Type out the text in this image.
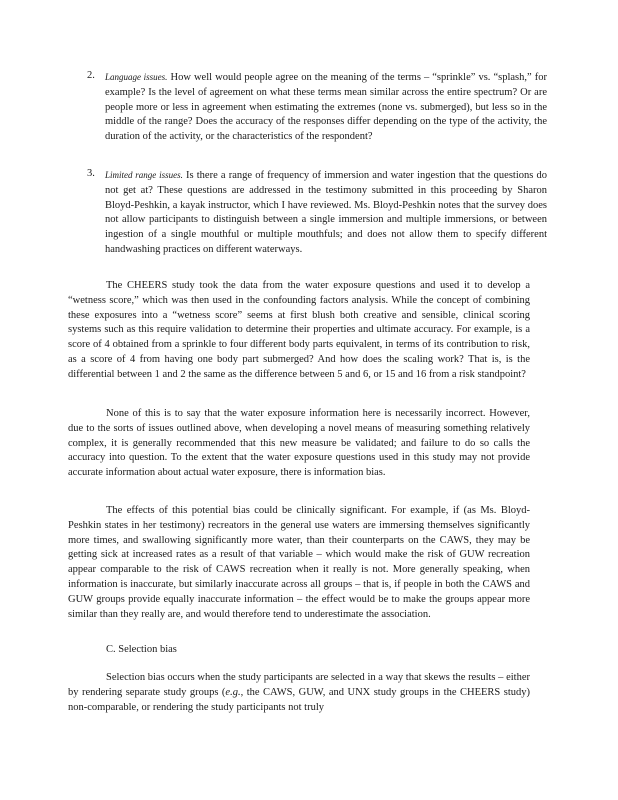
2. Language issues. How well would people agree on the meaning of the terms – “sprinkle” vs. “splash,” for example? Is the level of agreement on what these terms mean similar across the entire spectrum? Or are people more or less in agreement when estimating the extremes (none vs. submerged), but less so in the middle of the range? Does the accuracy of the responses differ depending on the type of the activity, the duration of the activity, or the characteristics of the respondent?
3. Limited range issues. Is there a range of frequency of immersion and water ingestion that the questions do not get at? These questions are addressed in the testimony submitted in this proceeding by Sharon Bloyd-Peshkin, a kayak instructor, which I have reviewed. Ms. Bloyd-Peshkin notes that the survey does not allow participants to distinguish between a single immersion and multiple immersions, or between ingestion of a single mouthful or multiple mouthfuls; and does not allow them to specify different handwashing practices on different waterways.

The CHEERS study took the data from the water exposure questions and used it to develop a “wetness score,” which was then used in the confounding factors analysis. While the concept of combining these exposures into a “wetness score” seems at first blush both creative and sensible, clinical scoring systems such as this require validation to determine their properties and ultimate accuracy. For example, is a score of 4 obtained from a sprinkle to four different body parts equivalent, in terms of its contribution to risk, as a score of 4 from having one body part submerged? And how does the scaling work? That is, is the differential between 1 and 2 the same as the difference between 5 and 6, or 15 and 16 from a risk standpoint?

None of this is to say that the water exposure information here is necessarily incorrect. However, due to the sorts of issues outlined above, when developing a novel means of measuring something relatively complex, it is generally recommended that this new measure be validated; and failure to do so calls the accuracy into question. To the extent that the water exposure questions used in this study may not provide accurate information about actual water exposure, there is information bias.

The effects of this potential bias could be clinically significant. For example, if (as Ms. Bloyd-Peshkin states in her testimony) recreators in the general use waters are immersing themselves significantly more times, and swallowing significantly more water, than their counterparts on the CAWS, they may be getting sick at increased rates as a result of that variable – which would make the risk of GUW recreation appear comparable to the risk of CAWS recreation when it really is not. More generally speaking, when information is inaccurate, but similarly inaccurate across all groups – that is, if people in both the CAWS and GUW groups provide equally inaccurate information – the effect would be to make the groups appear more similar than they really are, and would therefore tend to underestimate the association.

C. Selection bias

Selection bias occurs when the study participants are selected in a way that skews the results – either by rendering separate study groups (e.g., the CAWS, GUW, and UNX study groups in the CHEERS study) non-comparable, or rendering the study participants not truly
